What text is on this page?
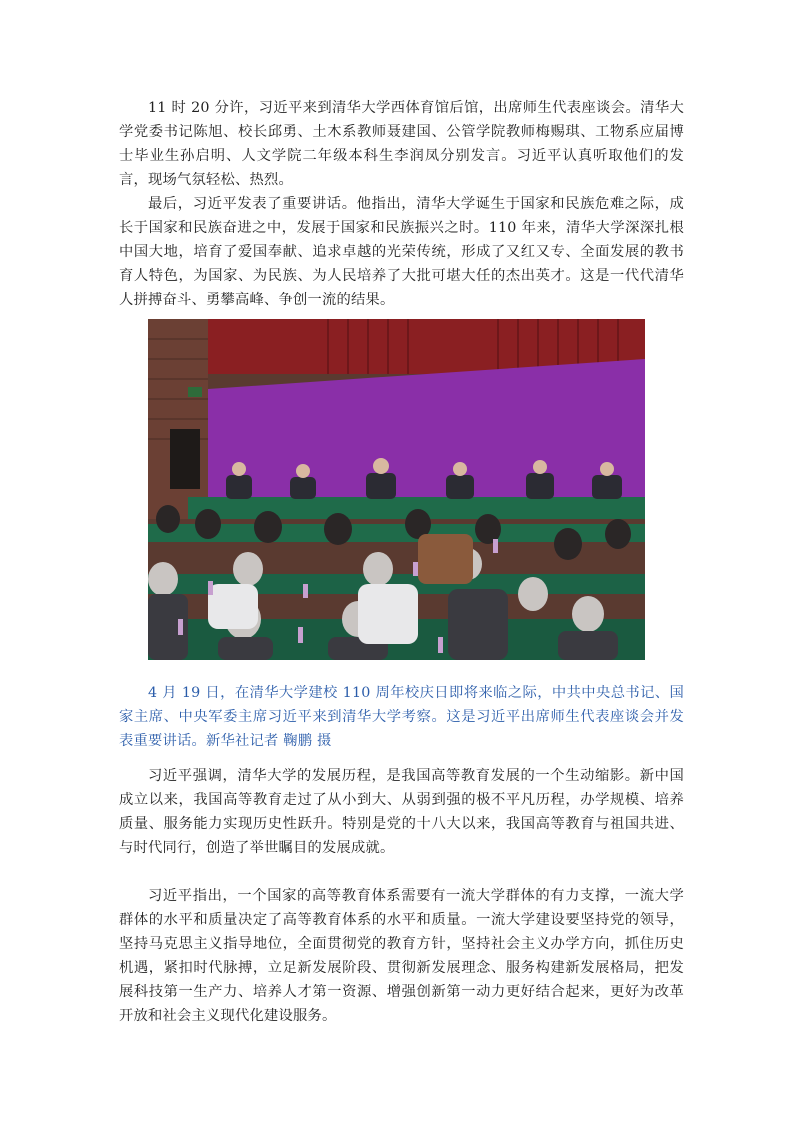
11 时 20 分许，习近平来到清华大学西体育馆后馆，出席师生代表座谈会。清华大学党委书记陈旭、校长邱勇、土木系教师聂建国、公管学院教师梅赐琪、工物系应届博士毕业生孙启明、人文学院二年级本科生李润凤分别发言。习近平认真听取他们的发言，现场气氛轻松、热烈。

最后，习近平发表了重要讲话。他指出，清华大学诞生于国家和民族危难之际，成长于国家和民族奋进之中，发展于国家和民族振兴之时。110 年来，清华大学深深扎根中国大地，培育了爱国奉献、追求卓越的光荣传统，形成了又红又专、全面发展的教书育人特色，为国家、为民族、为人民培养了大批可堪大任的杰出英才。这是一代代清华人拼搏奋斗、勇攀高峰、争创一流的结果。

4 月 19 日，在清华大学建校 110 周年校庆日即将来临之际，中共中央总书记、国家主席、中央军委主席习近平来到清华大学考察。这是习近平出席师生代表座谈会并发表重要讲话。新华社记者 鞠鹏 摄

习近平强调，清华大学的发展历程，是我国高等教育发展的一个生动缩影。新中国成立以来，我国高等教育走过了从小到大、从弱到强的极不平凡历程，办学规模、培养质量、服务能力实现历史性跃升。特别是党的十八大以来，我国高等教育与祖国共进、与时代同行，创造了举世瞩目的发展成就。

习近平指出，一个国家的高等教育体系需要有一流大学群体的有力支撑，一流大学群体的水平和质量决定了高等教育体系的水平和质量。一流大学建设要坚持党的领导，坚持马克思主义指导地位，全面贯彻党的教育方针，坚持社会主义办学方向，抓住历史机遇，紧扣时代脉搏，立足新发展阶段、贯彻新发展理念、服务构建新发展格局，把发展科技第一生产力、培养人才第一资源、增强创新第一动力更好结合起来，更好为改革开放和社会主义现代化建设服务。
